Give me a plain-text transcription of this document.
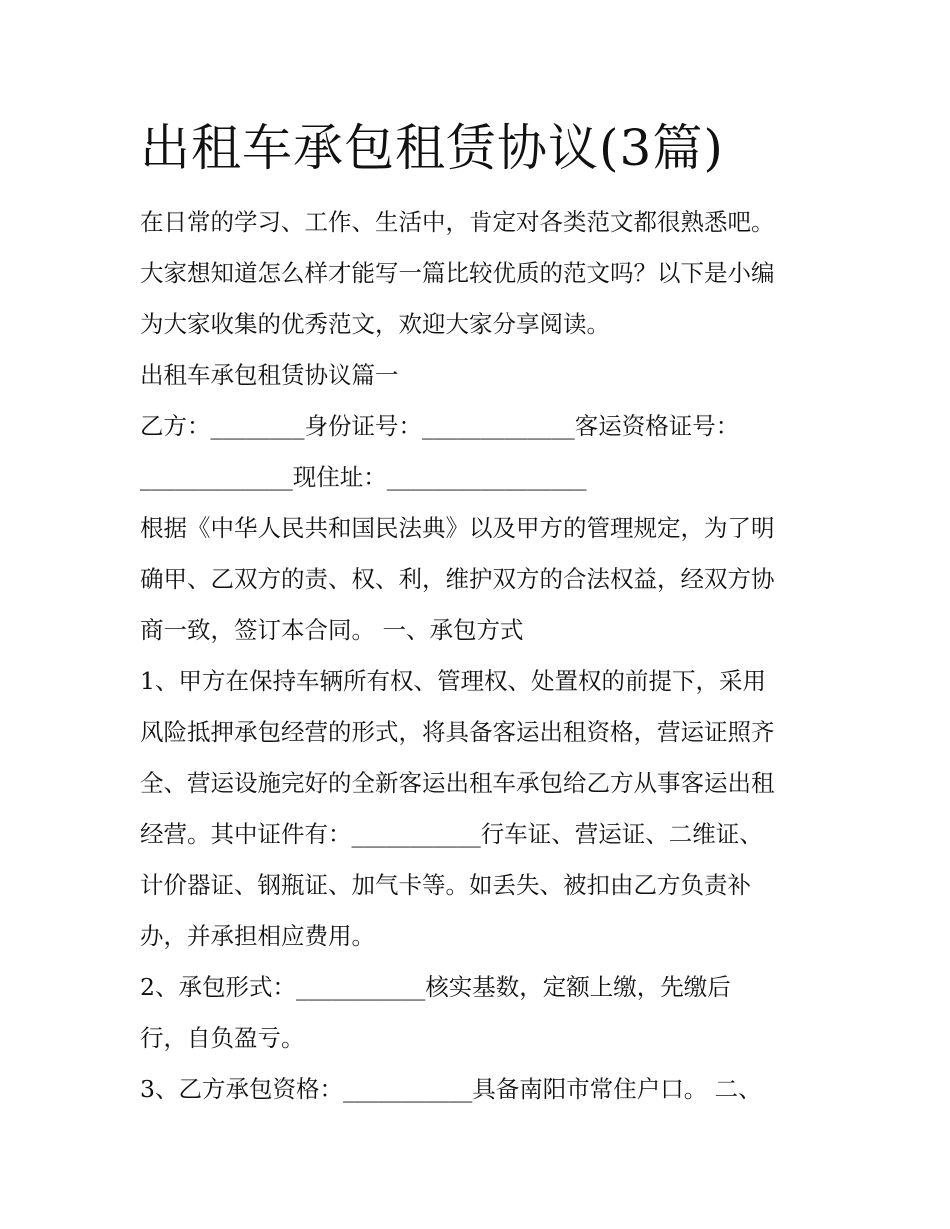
出租车承包租赁协议(3篇)
在日常的学习、工作、生活中，肯定对各类范文都很熟悉吧。
大家想知道怎么样才能写一篇比较优质的范文吗？以下是小编
为大家收集的优秀范文，欢迎大家分享阅读。
出租车承包租赁协议篇一
乙方：________身份证号：_____________客运资格证号：
_____________现住址：_________________
根据《中华人民共和国民法典》以及甲方的管理规定，为了明
确甲、乙双方的责、权、利，维护双方的合法权益，经双方协
商一致，签订本合同。 一、承包方式
1、甲方在保持车辆所有权、管理权、处置权的前提下，采用
风险抵押承包经营的形式，将具备客运出租资格，营运证照齐
全、营运设施完好的全新客运出租车承包给乙方从事客运出租
经营。其中证件有：___________行车证、营运证、二维证、
计价器证、钢瓶证、加气卡等。如丢失、被扣由乙方负责补
办，并承担相应费用。
2、承包形式：___________核实基数，定额上缴，先缴后
行，自负盈亏。
3、乙方承包资格：___________具备南阳市常住户口。 二、
